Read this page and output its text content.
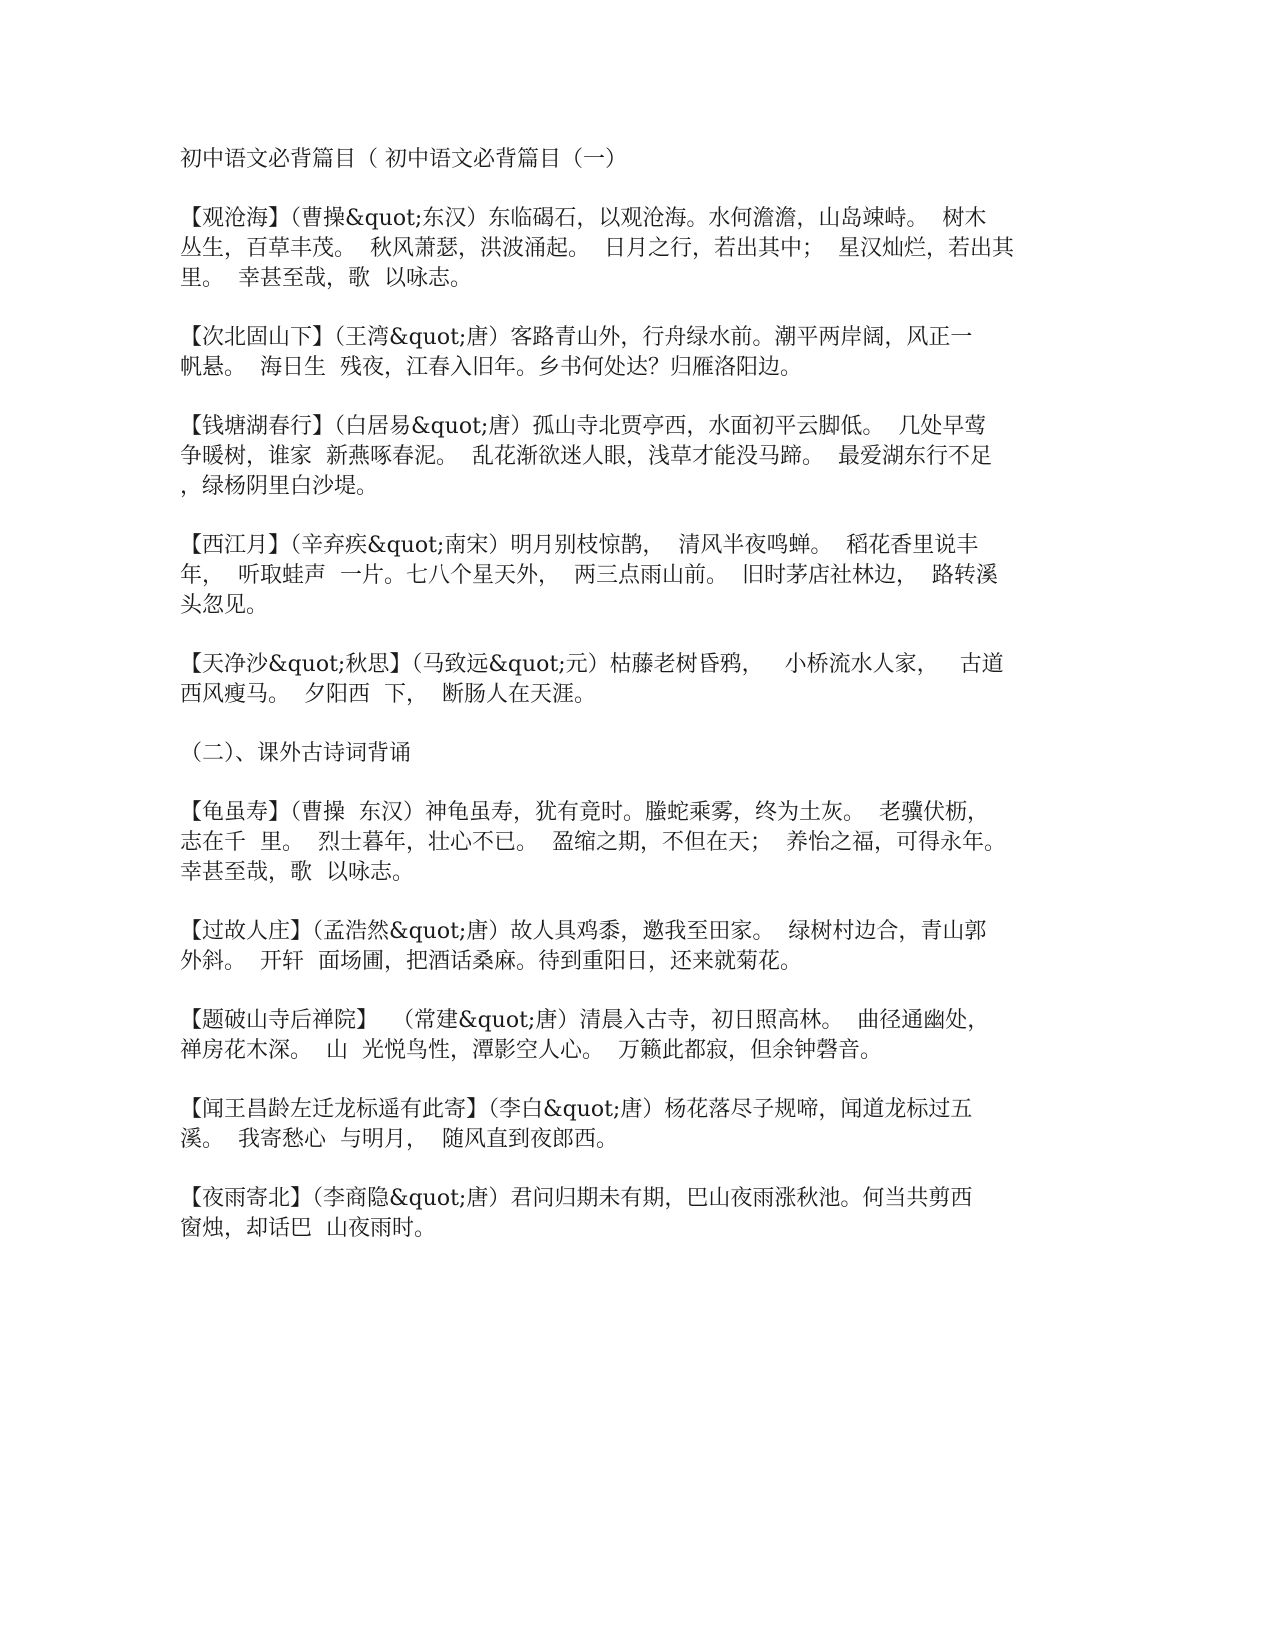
初中语文必背篇目（ 初中语文必背篇目（一）
【观沧海】（曹操&quot;东汉）东临碣石，以观沧海。水何澹澹，山岛竦峙。  树木
丛生，百草丰茂。  秋风萧瑟，洪波涌起。  日月之行，若出其中；  星汉灿烂，若出其
里。  幸甚至哉，歌  以咏志。
【次北固山下】（王湾&quot;唐）客路青山外，行舟绿水前。潮平两岸阔，风正一
帆悬。  海日生  残夜，江春入旧年。乡书何处达？归雁洛阳边。
【钱塘湖春行】（白居易&quot;唐）孤山寺北贾亭西，水面初平云脚低。  几处早莺
争暖树，谁家  新燕啄春泥。  乱花渐欲迷人眼，浅草才能没马蹄。  最爱湖东行不足
，绿杨阴里白沙堤。
【西江月】（辛弃疾&quot;南宋）明月别枝惊鹊，  清风半夜鸣蝉。  稻花香里说丰
年，  听取蛙声  一片。七八个星天外，  两三点雨山前。  旧时茅店社林边，  路转溪
头忽见。
【天净沙&quot;秋思】（马致远&quot;元）枯藤老树昏鸦，   小桥流水人家，   古道
西风瘦马。  夕阳西  下，  断肠人在天涯。
（二）、课外古诗词背诵
【龟虽寿】（曹操  东汉）神龟虽寿，犹有竟时。螣蛇乘雾，终为土灰。  老骥伏枥，
志在千  里。  烈士暮年，壮心不已。  盈缩之期，不但在天；  养怡之福，可得永年。
幸甚至哉，歌  以咏志。
【过故人庄】（孟浩然&quot;唐）故人具鸡黍，邀我至田家。  绿树村边合，青山郭
外斜。  开轩  面场圃，把酒话桑麻。待到重阳日，还来就菊花。
【题破山寺后禅院】  （常建&quot;唐）清晨入古寺，初日照高林。  曲径通幽处，
禅房花木深。  山  光悦鸟性，潭影空人心。  万籁此都寂，但余钟磬音。
【闻王昌龄左迁龙标遥有此寄】（李白&quot;唐）杨花落尽子规啼，闻道龙标过五
溪。  我寄愁心  与明月，  随风直到夜郎西。
【夜雨寄北】（李商隐&quot;唐）君问归期未有期，巴山夜雨涨秋池。何当共剪西
窗烛，却话巴  山夜雨时。
